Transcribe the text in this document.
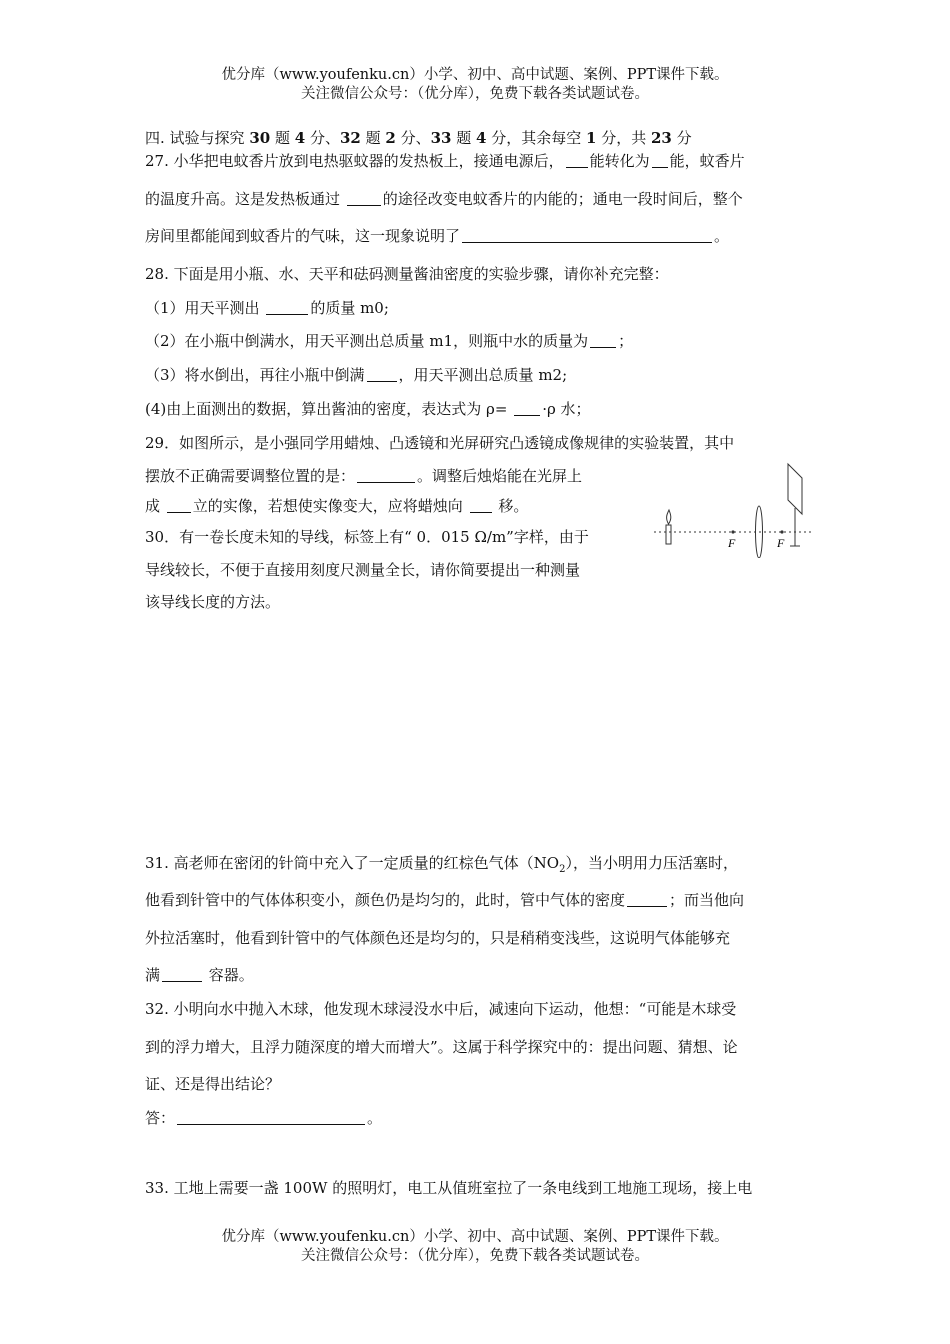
优分库（www.youfenku.cn）小学、初中、高中试题、案例、PPT课件下载。
关注微信公众号：（优分库），免费下载各类试题试卷。
四. 试验与探究 30 题 4 分、32 题 2 分、33 题 4 分，其余每空 1 分，共 23 分
27. 小华把电蚊香片放到电热驱蚊器的发热板上，接通电源后， 能转化为 能，蚊香片
的温度升高。这是发热板通过	的途径改变电蚊香片的内能的；通电一段时间后，整个
房间里都能闻到蚊香片的气味，这一现象说明了	。
28. 下面是用小瓶、水、天平和砝码测量酱油密度的实验步骤，请你补充完整：
（1）用天平测出	的质量 m0;
（2）在小瓶中倒满水，用天平测出总质量 m1，则瓶中水的质量为 ；
（3）将水倒出，再往小瓶中倒满 ，用天平测出总质量 m2;
(4)由上面测出的数据，算出酱油的密度，表达式为 ρ= ·ρ 水；
29．如图所示，是小强同学用蜡烛、凸透镜和光屏研究凸透镜成像规律的实验装置，其中
摆放不正确需要调整位置的是：	。调整后烛焰能在光屏上
成 立的实像，若想使实像变大，应将蜡烛向  移。
F	F
30．有一卷长度未知的导线，标签上有“ 0．015 Ω/m”字样，由于
导线较长，不便于直接用刻度尺测量全长，请你简要提出一种测量
该导线长度的方法。
31. 高老师在密闭的针筒中充入了一定质量的红棕色气体$(NO_2)$，当小明用力压活塞时，
他看到针管中的气体体积变小，颜色仍是均匀的，此时，管中气体的密度	；而当他向
外拉活塞时，他看到针管中的气体颜色还是均匀的，只是稍稍变浅些，这说明气体能够充
满	容器。
32. 小明向水中抛入木球，他发现木球浸没水中后，减速向下运动，他想：“可能是木球受
到的浮力增大，且浮力随深度的增大而增大”。这属于科学探究中的：提出问题、猜想、论
证、还是得出结论？
答：	。
33. 工地上需要一盏 100W 的照明灯，电工从值班室拉了一条电线到工地施工现场，接上电
优分库（www.youfenku.cn）小学、初中、高中试题、案例、PPT课件下载。
关注微信公众号：（优分库），免费下载各类试题试卷。
